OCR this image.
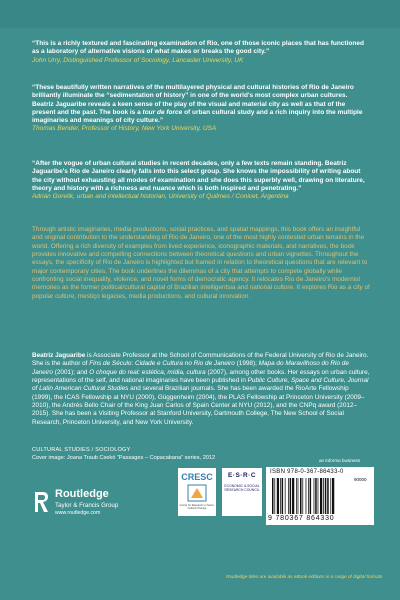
“This is a richly textured and fascinating examination of Rio, one of those iconic places that has functioned as a laboratory of alternative visions of what makes or breaks the good city.”

John Urry, Distinguished Professor of Sociology, Lancaster University, UK

“These beautifully written narratives of the multilayered physical and cultural histories of Rio de Janeiro brilliantly illuminate the “sedimentation of history” in one of the world's most complex urban cultures. Beatriz Jaguaribe reveals a keen sense of the play of the visual and material city as well as that of the present and the past. The book is a tour de force of urban cultural study and a rich inquiry into the multiple imaginaries and meanings of city culture.”

Thomas Bender, Professor of History, New York University, USA

“After the vogue of urban cultural studies in recent decades, only a few texts remain standing. Beatriz Jaguaribe's Rio de Janeiro clearly falls into this select group. She knows the impossibility of writing about the city without exhausting all modes of examination and she does this superbly well, drawing on literature, theory and history with a richness and nuance which is both inspired and penetrating.”

Adrián Gorelik, urban and intellectual historian, University of Quilmes / Conicet, Argentina

Through artistic imaginaries, media productions, social practices, and spatial mappings, this book offers an insightful and original contribution to the understanding of Rio de Janeiro, one of the most highly contested urban terrains in the world. Offering a rich diversity of examples from lived experience, iconographic materials, and narratives, the book provides innovative and compelling connections between theoretical questions and urban vignettes. Throughout the essays, the specificity of Rio de Janeiro is highlighted but framed in relation to theoretical questions that are relevant to major contemporary cities. The book underlines the dilemmas of a city that attempts to compete globally while confronting social inequality, violence, and novel forms of democratic agency. It relocates Rio de Janeiro's modernist memories as the former political/cultural capital of Brazilian intelligentsia and national culture. It explores Rio as a city of popular culture, mestiço legacies, media productions, and cultural innovation.

Beatriz Jaguaribe is Associate Professor at the School of Communications of the Federal University of Rio de Janeiro. She is the author of Fins de Século: Cidade e Cultura no Rio de Janeiro (1998); Mapa do Maravilhoso do Rio de Janeiro (2001); and O choque do real: estética, mídia, cultura (2007), among other books. Her essays on urban culture, representations of the self, and national imaginaries have been published in Public Culture, Space and Culture, Journal of Latin American Cultural Studies and several Brazilian journals. She has been awarded the RioArte Fellowship (1999), the ICAS Fellowship at NYU (2000), Güggenheim (2004), the PLAS Fellowship at Princeton University (2009–2010), the Andrés Bello Chair of the King Juan Carlos of Spain Center at NYU (2012), and the CNPq award (2012–2015). She has been a Visiting Professor at Stanford University, Dartmouth College, The New School of Social Research, Princeton University, and New York University.

CULTURAL STUDIES / SOCIOLOGY
Cover image: Joana Traub Csekö “Passages – Copacabana” series, 2012	an informa business
Routledge
Taylor & Francis Group
www.routledge.com
CRESC
Centre for Research on Socio-Cultural Change
E·S·R·C
ECONOMIC & SOCIAL RESEARCH COUNCIL
ISBN 978-0-367-86433-0
90000
9 780367 864330
Routledge titles are available as eBook editions in a range of digital formats
